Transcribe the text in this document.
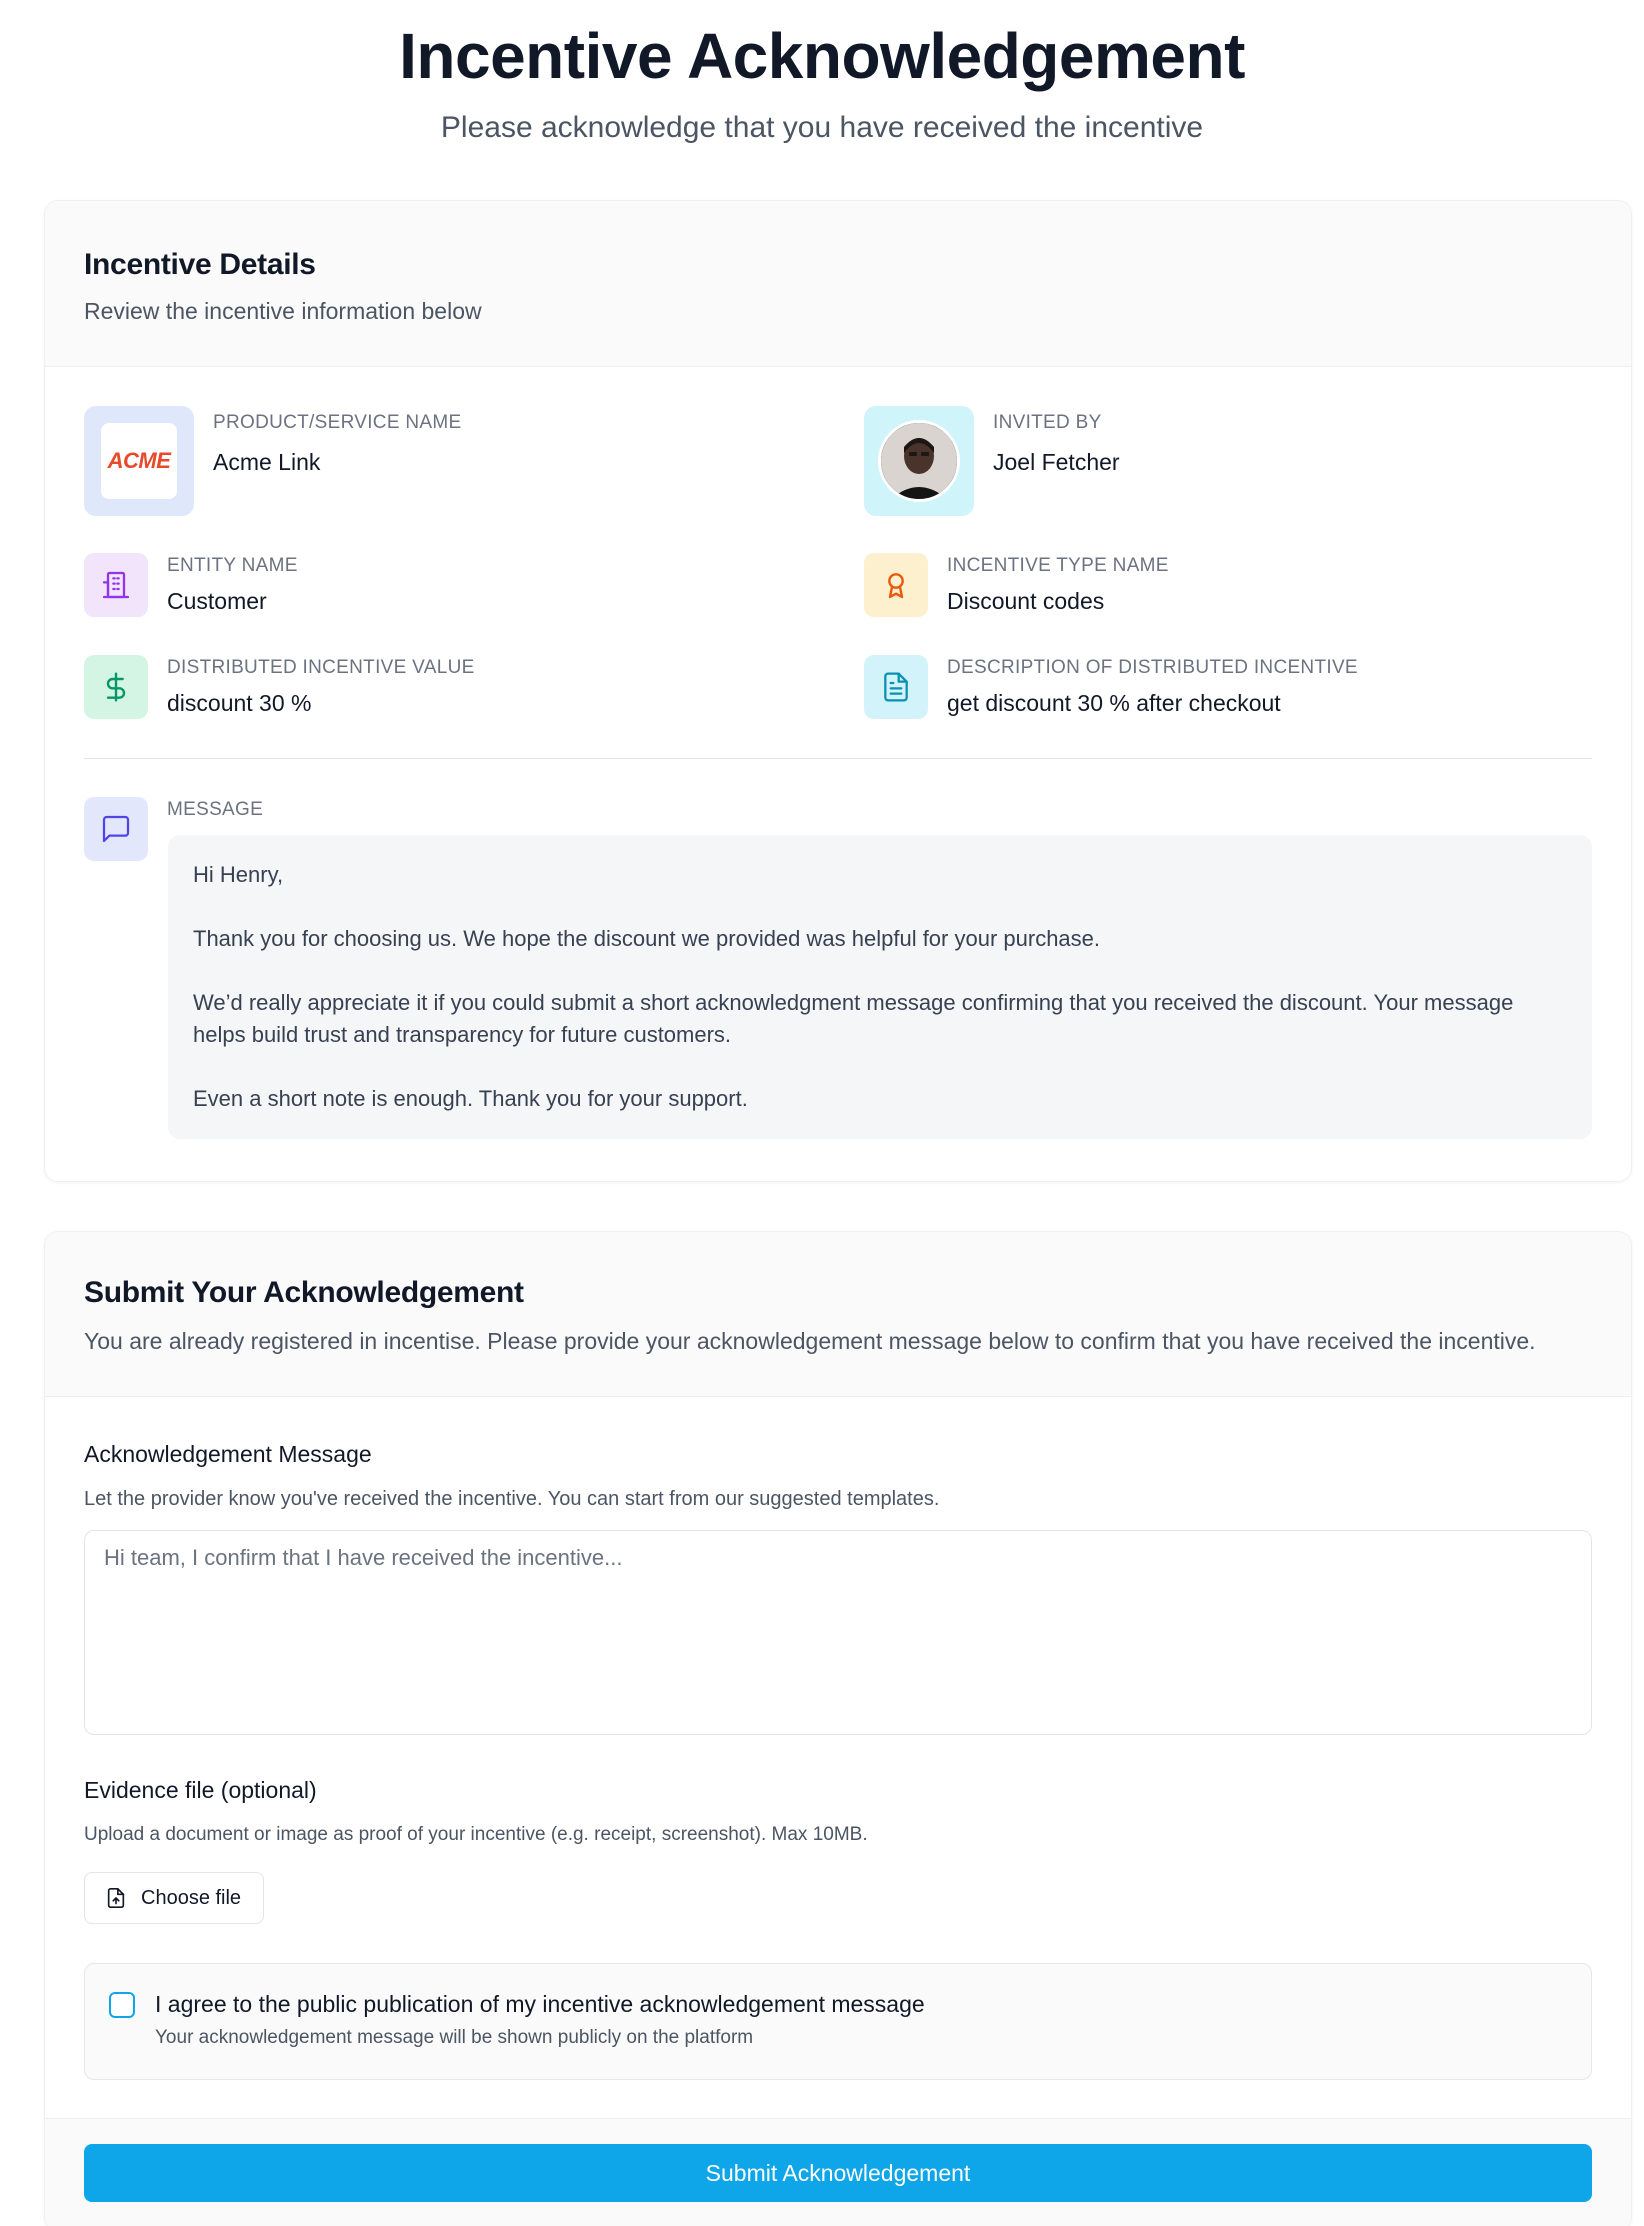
Incentive Acknowledgement

Please acknowledge that you have received the incentive

Incentive Details

Review the incentive information below

ACME
PRODUCT/SERVICE NAME
Acme Link
INVITED BY
Joel Fetcher
ENTITY NAME
Customer
INCENTIVE TYPE NAME
Discount codes
DISTRIBUTED INCENTIVE VALUE
discount 30 %
DESCRIPTION OF DISTRIBUTED INCENTIVE
get discount 30 % after checkout
MESSAGE

Hi Henry,

Thank you for choosing us. We hope the discount we provided was helpful for your purchase.

We’d really appreciate it if you could submit a short acknowledgment message confirming that you received the discount. Your message helps build trust and transparency for future customers.

Even a short note is enough. Thank you for your support.

Submit Your Acknowledgement

You are already registered in incentise. Please provide your acknowledgement message below to confirm that you have received the incentive.

Acknowledgement Message

Let the provider know you've received the incentive. You can start from our suggested templates.

Hi team, I confirm that I have received the incentive...
Evidence file (optional)

Upload a document or image as proof of your incentive (e.g. receipt, screenshot). Max 10MB.

Choose file
I agree to the public publication of my incentive acknowledgement message
Your acknowledgement message will be shown publicly on the platform
Submit Acknowledgement
